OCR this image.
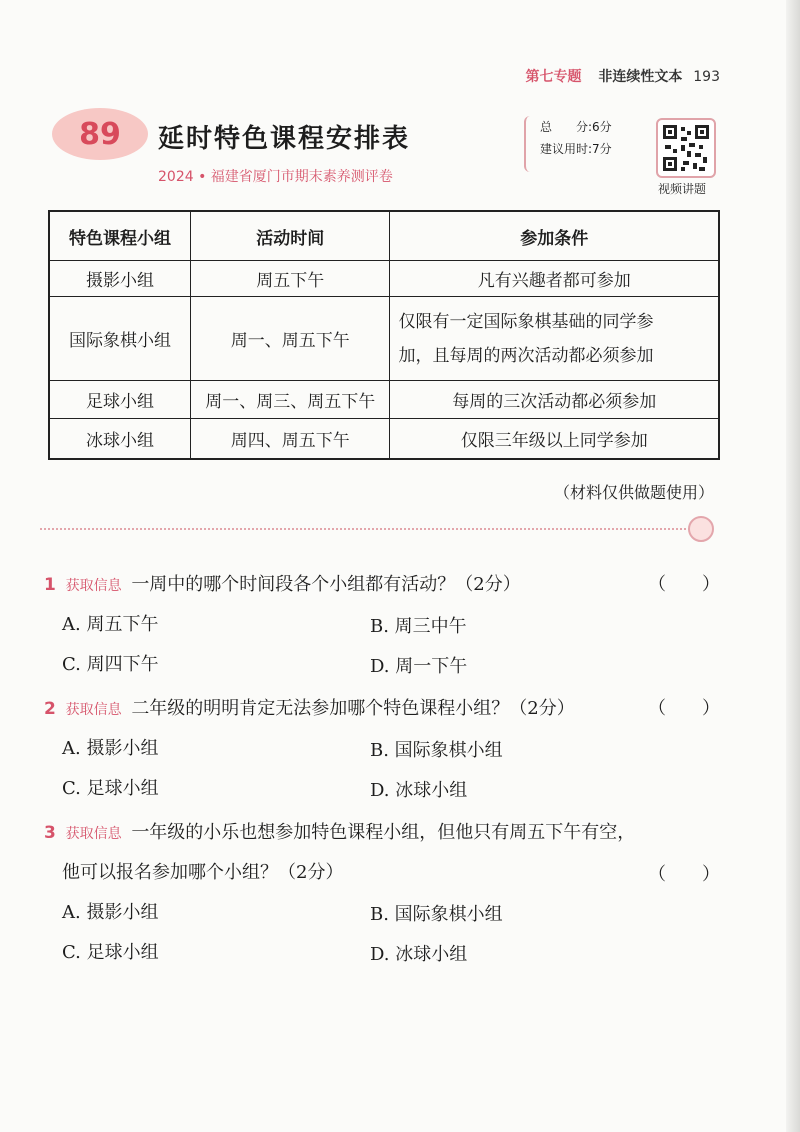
第七专题 非连续性文本 193
89	延时特色课程安排表
2024 • 福建省厦门市期末素养测评卷
总　　分:6分
建议用时:7分
视频讲题
特色课程小组	活动时间	参加条件
摄影小组	周五下午	凡有兴趣者都可参加
国际象棋小组	周一、周五下午	仅限有一定国际象棋基础的同学参
加，且每周的两次活动都必须参加

足球小组	周一、周三、周五下午	每周的三次活动都必须参加
冰球小组	周四、周五下午	仅限三年级以上同学参加
（材料仅供做题使用）
1 获取信息 一周中的哪个时间段各个小组都有活动？（2分）	（　　）
A. 周五下午	B. 周三中午
C. 周四下午	D. 周一下午
2 获取信息 二年级的明明肯定无法参加哪个特色课程小组？（2分）	（　　）
A. 摄影小组	B. 国际象棋小组
C. 足球小组	D. 冰球小组
3 获取信息 一年级的小乐也想参加特色课程小组，但他只有周五下午有空，
他可以报名参加哪个小组？（2分）	（　　）
A. 摄影小组	B. 国际象棋小组
C. 足球小组	D. 冰球小组
